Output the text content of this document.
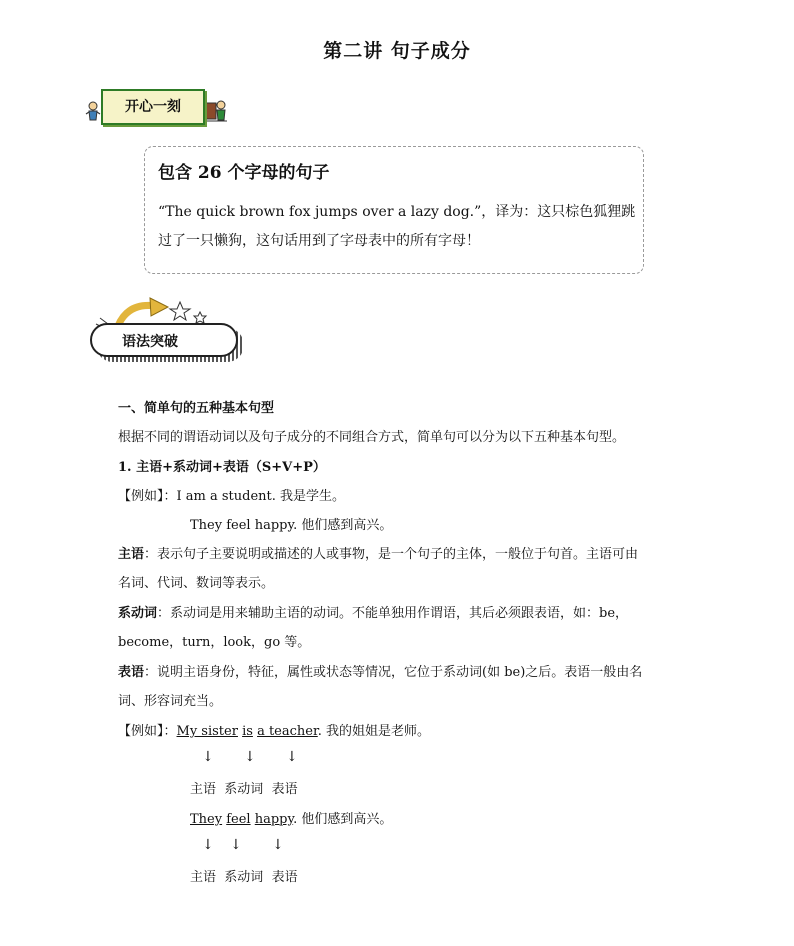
第二讲 句子成分
开心一刻
包含 26 个字母的句子
“The quick brown fox jumps over a lazy dog.”，译为：这只棕色狐狸跳
过了一只懒狗，这句话用到了字母表中的所有字母！
语法突破
一、简单句的五种基本句型
根据不同的谓语动词以及句子成分的不同组合方式，简单句可以分为以下五种基本句型。
1. 主语+系动词+表语（S+V+P）
【例如】：I am a student. 我是学生。
They feel happy. 他们感到高兴。
主语：表示句子主要说明或描述的人或事物，是一个句子的主体，一般位于句首。主语可由
名词、代词、数词等表示。
系动词：系动词是用来辅助主语的动词。不能单独用作谓语，其后必须跟表语，如：be，
become，turn，look，go 等。
表语：说明主语身份，特征，属性或状态等情况，它位于系动词(如 be)之后。表语一般由名
词、形容词充当。
【例如】：My sister is a teacher. 我的姐姐是老师。
↓ ↓ ↓
主语 系动词 表语
They feel happy. 他们感到高兴。
↓ ↓ ↓
主语 系动词 表语
